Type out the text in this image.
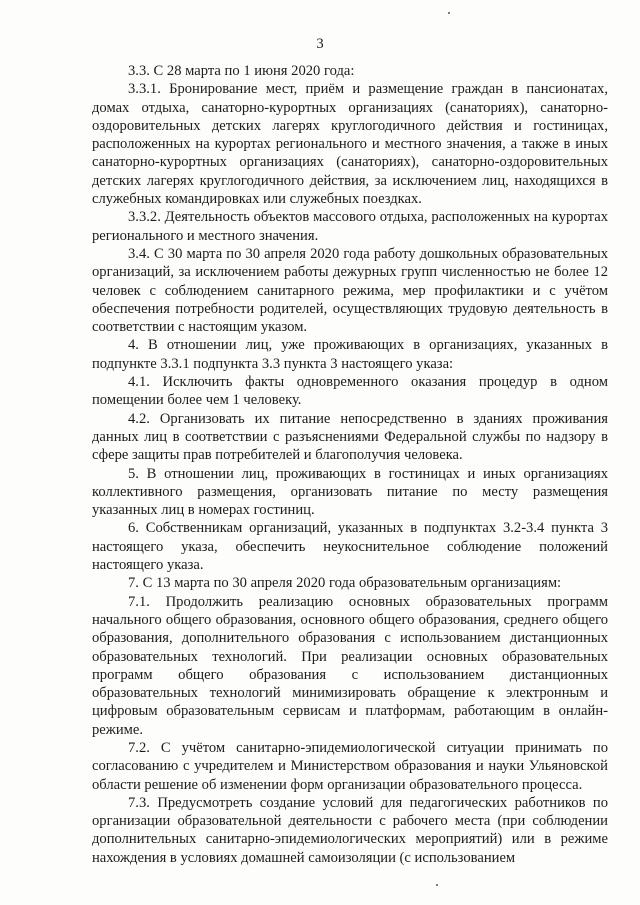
3

3.3. С 28 марта по 1 июня 2020 года:

3.3.1. Бронирование мест, приём и размещение граждан в пансионатах, домах отдыха, санаторно-курортных организациях (санаториях), санаторно-оздоровительных детских лагерях круглогодичного действия и гостиницах, расположенных на курортах регионального и местного значения, а также в иных санаторно-курортных организациях (санаториях), санаторно-оздоровительных детских лагерях круглогодичного действия, за исключением лиц, находящихся в служебных командировках или служебных поездках.

3.3.2. Деятельность объектов массового отдыха, расположенных на курортах регионального и местного значения.

3.4. С 30 марта по 30 апреля 2020 года работу дошкольных образовательных организаций, за исключением работы дежурных групп численностью не более 12 человек с соблюдением санитарного режима, мер профилактики и с учётом обеспечения потребности родителей, осуществляющих трудовую деятельность в соответствии с настоящим указом.

4. В отношении лиц, уже проживающих в организациях, указанных в подпункте 3.3.1 подпункта 3.3 пункта 3 настоящего указа:

4.1. Исключить факты одновременного оказания процедур в одном помещении более чем 1 человеку.

4.2. Организовать их питание непосредственно в зданиях проживания данных лиц в соответствии с разъяснениями Федеральной службы по надзору в сфере защиты прав потребителей и благополучия человека.

5. В отношении лиц, проживающих в гостиницах и иных организациях коллективного размещения, организовать питание по месту размещения указанных лиц в номерах гостиниц.

6. Собственникам организаций, указанных в подпунктах 3.2-3.4 пункта 3 настоящего указа, обеспечить неукоснительное соблюдение положений настоящего указа.

7. С 13 марта по 30 апреля 2020 года образовательным организациям:

7.1. Продолжить реализацию основных образовательных программ начального общего образования, основного общего образования, среднего общего образования, дополнительного образования с использованием дистанционных образовательных технологий. При реализации основных образовательных программ общего образования с использованием дистанционных образовательных технологий минимизировать обращение к электронным и цифровым образовательным сервисам и платформам, работающим в онлайн-режиме.

7.2. С учётом санитарно-эпидемиологической ситуации принимать по согласованию с учредителем и Министерством образования и науки Ульяновской области решение об изменении форм организации образовательного процесса.

7.3. Предусмотреть создание условий для педагогических работников по организации образовательной деятельности с рабочего места (при соблюдении дополнительных санитарно-эпидемиологических мероприятий) или в режиме нахождения в условиях домашней самоизоляции (с использованием
